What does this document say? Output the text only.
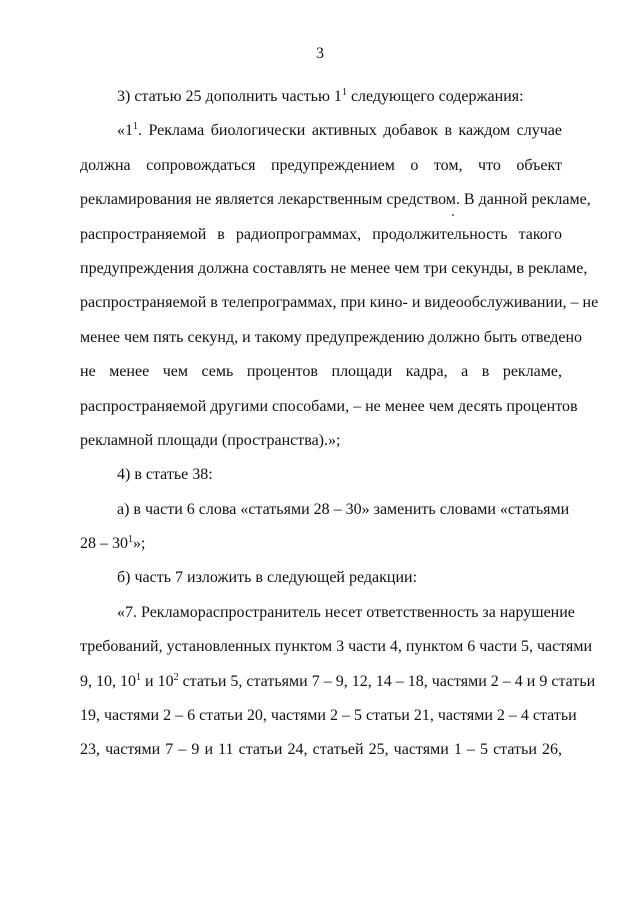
3
3) статью 25 дополнить частью $1^1$ следующего содержания:
«$1^1$. Реклама биологически активных добавок в каждом случае
должна сопровождаться предупреждением о том, что объект
рекламирования не является лекарственным средством. В данной рекламе,
распространяемой в радиопрограммах, продолжительность такого
предупреждения должна составлять не менее чем три секунды, в рекламе,
распространяемой в телепрограммах, при кино- и видеообслуживании, – не
менее чем пять секунд, и такому предупреждению должно быть отведено
не менее чем семь процентов площади кадра, а в рекламе,
распространяемой другими способами, – не менее чем десять процентов
рекламной площади (пространства).»;
4) в статье 38:
а) в части 6 слова «статьями 28 – 30» заменить словами «статьями
$28 - 30^1$»;
б) часть 7 изложить в следующей редакции:
«7. Рекламораспространитель несет ответственность за нарушение
требований, установленных пунктом 3 части 4, пунктом 6 части 5, частями
9, 10, $10^1$ и $10^2$ статьи 5, статьями 7 – 9, 12, 14 – 18, частями 2 – 4 и 9 статьи
19, частями 2 – 6 статьи 20, частями 2 – 5 статьи 21, частями 2 – 4 статьи
23, частями 7 – 9 и 11 статьи 24, статьей 25, частями 1 – 5 статьи 26,
